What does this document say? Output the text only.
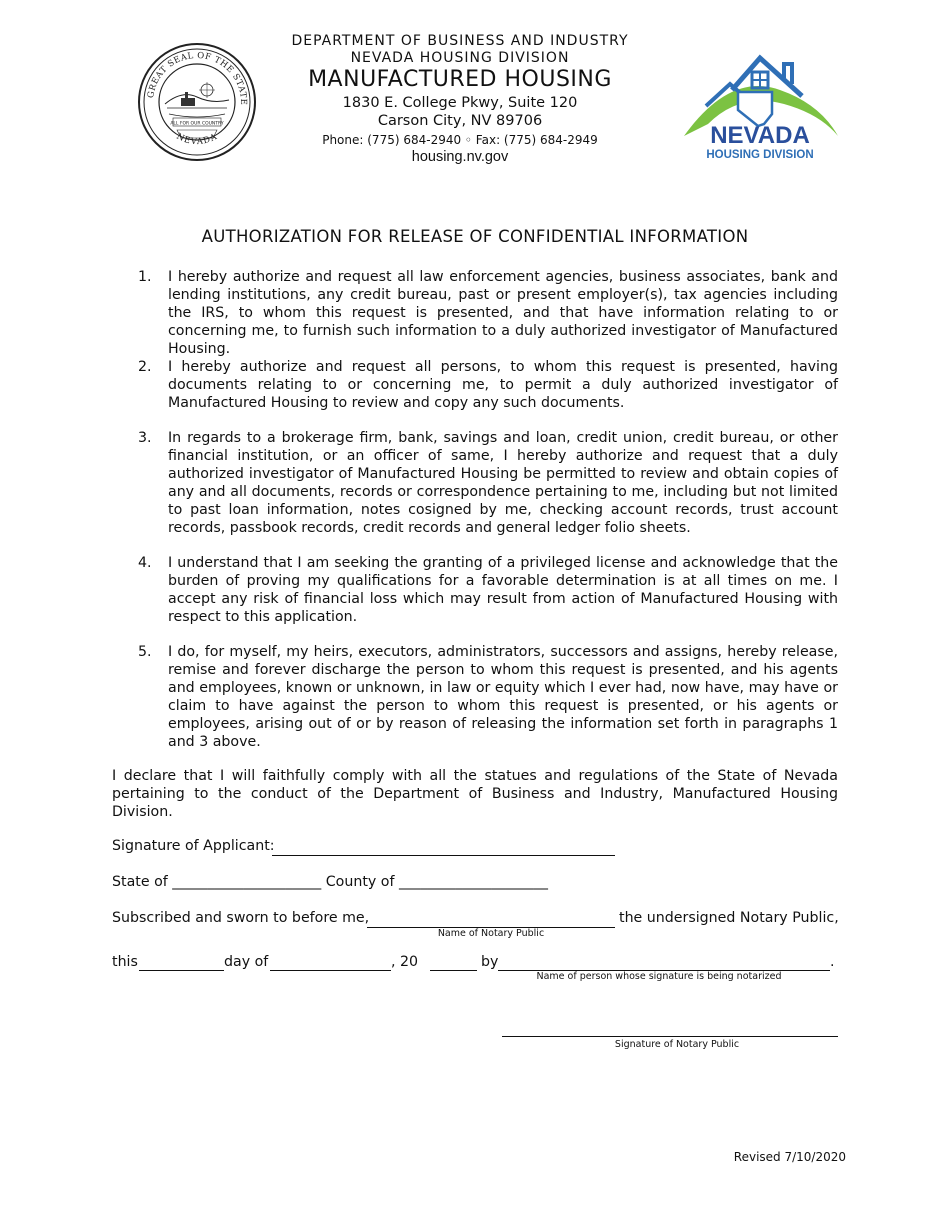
GREAT SEAL OF THE STATE
NEVADA
ALL FOR OUR COUNTRY
DEPARTMENT OF BUSINESS AND INDUSTRY
NEVADA HOUSING DIVISION
MANUFACTURED HOUSING
1830 E. College Pkwy, Suite 120
Carson City, NV 89706
Phone: (775) 684-2940 ◦ Fax: (775) 684-2949
housing.nv.gov
NEVADA
HOUSING DIVISION
AUTHORIZATION FOR RELEASE OF CONFIDENTIAL INFORMATION
1.	I hereby authorize and request all law enforcement agencies, business associates, bank and lending institutions, any credit bureau, past or present employer(s), tax agencies including the IRS, to whom this request is presented, and that have information relating to or concerning me, to furnish such information to a duly authorized investigator of Manufactured Housing.
2.	I hereby authorize and request all persons, to whom this request is presented, having documents relating to or concerning me, to permit a duly authorized investigator of Manufactured Housing to review and copy any such documents.
3.	In regards to a brokerage firm, bank, savings and loan, credit union, credit bureau, or other financial institution, or an officer of same, I hereby authorize and request that a duly authorized investigator of Manufactured Housing be permitted to review and obtain copies of any and all documents, records or correspondence pertaining to me, including but not limited to past loan information, notes cosigned by me, checking account records, trust account records, passbook records, credit records and general ledger folio sheets.
4.	I understand that I am seeking the granting of a privileged license and acknowledge that the burden of proving my qualifications for a favorable determination is at all times on me. I accept any risk of financial loss which may result from action of Manufactured Housing with respect to this application.
5.	I do, for myself, my heirs, executors, administrators, successors and assigns, hereby release, remise and forever discharge the person to whom this request is presented, and his agents and employees, known or unknown, in law or equity which I ever had, now have, may have or claim to have against the person to whom this request is presented, or his agents or employees, arising out of or by reason of releasing the information set forth in paragraphs 1 and 3 above.
I declare that I will faithfully comply with all the statues and regulations of the State of Nevada pertaining to the conduct of the Department of Business and Industry, Manufactured Housing Division.
Signature of Applicant:
State of _____________________ County of _____________________
Subscribed and sworn to before me,	the undersigned Notary Public,
Name of Notary Public
this	day of	, 20	by	.
Name of person whose signature is being notarized
Signature of Notary Public
Revised 7/10/2020
